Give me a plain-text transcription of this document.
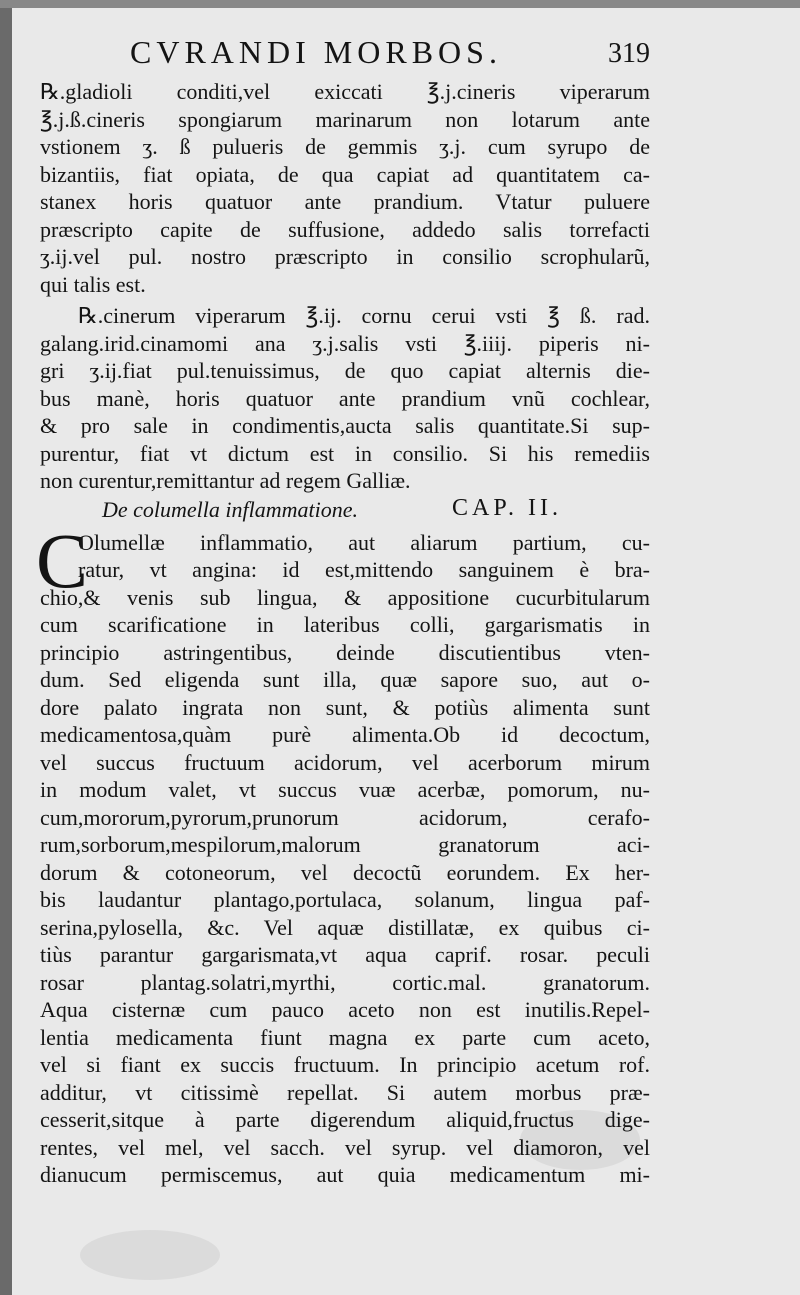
CVRANDI MORBOS.	319
℞.gladioli conditi,vel exiccati ℥.j.cineris viperarum
℥.j.ß.cineris spongiarum marinarum non lotarum ante
vstionem ʒ. ß pulueris de gemmis ʒ.j. cum syrupo de
bizantiis, fiat opiata, de qua capiat ad quantitatem ca-
stanex horis quatuor ante prandium. Vtatur puluere
præscripto capite de suffusione, addedo salis torrefacti
ʒ.ij.vel pul. nostro præscripto in consilio scrophularũ,
qui talis est.
℞.cinerum viperarum ℥.ij. cornu cerui vsti ℥ ß. rad.
galang.irid.cinamomi ana ʒ.j.salis vsti ℥.iiij. piperis ni-
gri ʒ.ij.fiat pul.tenuissimus, de quo capiat alternis die-
bus manè, horis quatuor ante prandium vnũ cochlear,
& pro sale in condimentis,aucta salis quantitate.Si sup-
purentur, fiat vt dictum est in consilio. Si his remediis
non curentur,remittantur ad regem Galliæ.
De columella inflammatione.	CAP. II.
C
Olumellæ inflammatio, aut aliarum partium, cu-
ratur, vt angina: id est,mittendo sanguinem è bra-
chio,& venis sub lingua, & appositione cucurbitularum
cum scarificatione in lateribus colli, gargarismatis in
principio astringentibus, deinde discutientibus vten-
dum. Sed eligenda sunt illa, quæ sapore suo, aut o-
dore palato ingrata non sunt, & potiùs alimenta sunt
medicamentosa,quàm purè alimenta.Ob id decoctum,
vel succus fructuum acidorum, vel acerborum mirum
in modum valet, vt succus vuæ acerbæ, pomorum, nu-
cum,mororum,pyrorum,prunorum acidorum, cerafo-
rum,sorborum,mespilorum,malorum granatorum aci-
dorum & cotoneorum, vel decoctũ eorundem. Ex her-
bis laudantur plantago,portulaca, solanum, lingua paf-
serina,pylosella, &c. Vel aquæ distillatæ, ex quibus ci-
tiùs parantur gargarismata,vt aqua caprif. rosar. peculi
rosar plantag.solatri,myrthi, cortic.mal. granatorum.
Aqua cisternæ cum pauco aceto non est inutilis.Repel-
lentia medicamenta fiunt magna ex parte cum aceto,
vel si fiant ex succis fructuum. In principio acetum rof.
additur, vt citissimè repellat. Si autem morbus præ-
cesserit,sitque à parte digerendum aliquid,fructus dige-
rentes, vel mel, vel sacch. vel syrup. vel diamoron, vel
dianucum permiscemus, aut quia medicamentum mi-
